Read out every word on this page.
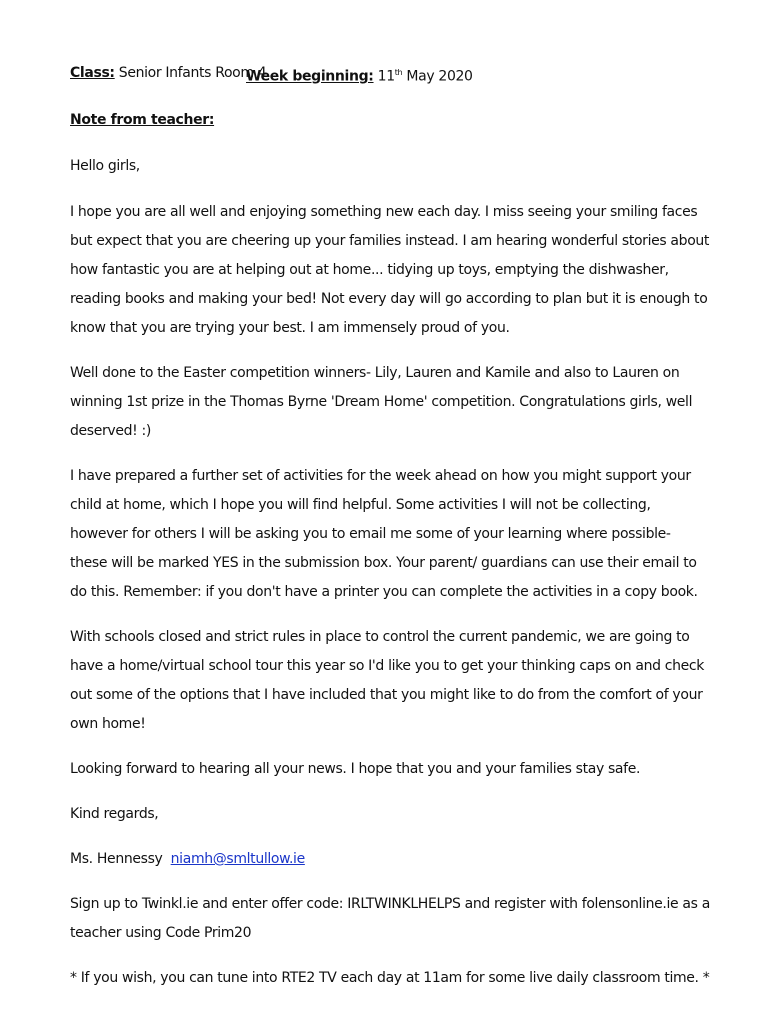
Class: Senior Infants Room 4
Week beginning: 11th May 2020
Note from teacher:

Hello girls,

I hope you are all well and enjoying something new each day. I miss seeing your smiling faces but expect that you are cheering up your families instead. I am hearing wonderful stories about how fantastic you are at helping out at home... tidying up toys, emptying the dishwasher, reading books and making your bed! Not every day will go according to plan but it is enough to know that you are trying your best. I am immensely proud of you.

Well done to the Easter competition winners- Lily, Lauren and Kamile and also to Lauren on winning 1st prize in the Thomas Byrne 'Dream Home' competition. Congratulations girls, well deserved! :)

I have prepared a further set of activities for the week ahead on how you might support your child at home, which I hope you will find helpful. Some activities I will not be collecting, however for others I will be asking you to email me some of your learning where possible- these will be marked YES in the submission box. Your parent/ guardians can use their email to do this. Remember: if you don't have a printer you can complete the activities in a copy book.

With schools closed and strict rules in place to control the current pandemic, we are going to have a home/virtual school tour this year so I'd like you to get your thinking caps on and check out some of the options that I have included that you might like to do from the comfort of your own home!

Looking forward to hearing all your news. I hope that you and your families stay safe.

Kind regards,

Ms. Hennessy niamh@smltullow.ie

Sign up to Twinkl.ie and enter offer code: IRLTWINKLHELPS and register with folensonline.ie as a teacher using Code Prim20

* If you wish, you can tune into RTE2 TV each day at 11am for some live daily classroom time. *
